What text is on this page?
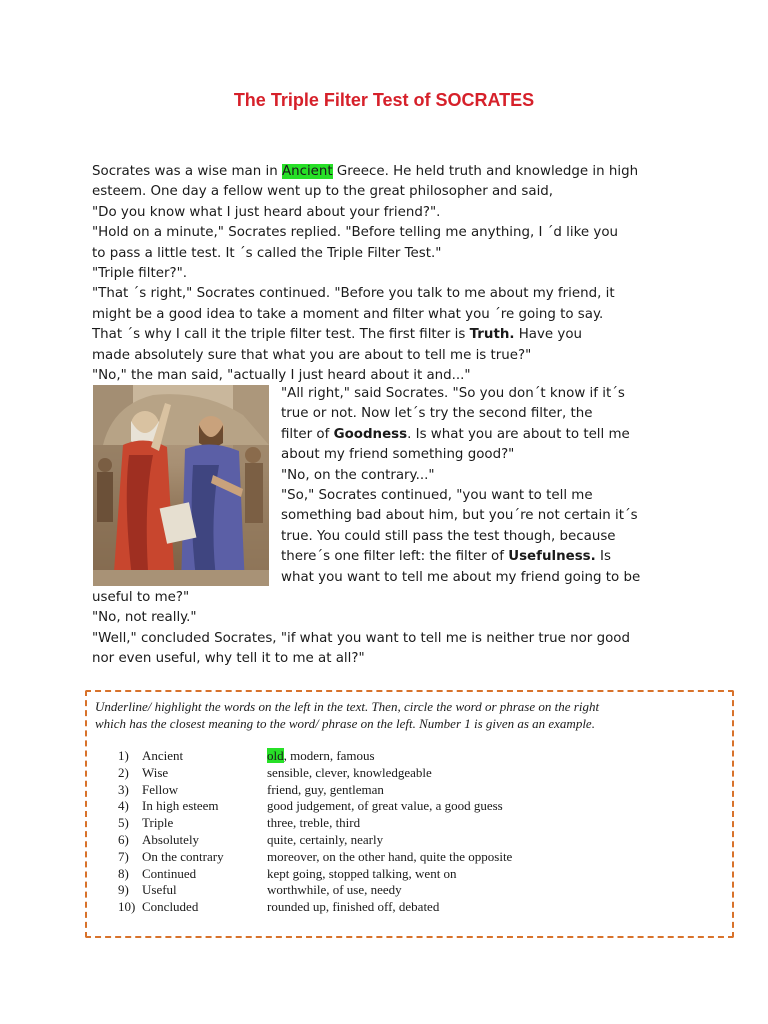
The Triple Filter Test of SOCRATES

Socrates was a wise man in Ancient Greece. He held truth and knowledge in high

esteem. One day a fellow went up to the great philosopher and said,

"Do you know what I just heard about your friend?".

"Hold on a minute," Socrates replied. "Before telling me anything, I ´d like you

to pass a little test. It ´s called the Triple Filter Test."

"Triple filter?".

"That ´s right," Socrates continued. "Before you talk to me about my friend, it

might be a good idea to take a moment and filter what you ´re going to say.

That ´s why I call it the triple filter test. The first filter is Truth. Have you

made absolutely sure that what you are about to tell me is true?"

"No," the man said, "actually I just heard about it and..."

"All right," said Socrates. "So you don´t know if it´s

true or not. Now let´s try the second filter, the

filter of Goodness. Is what you are about to tell me

about my friend something good?"

"No, on the contrary..."

"So," Socrates continued, "you want to tell me

something bad about him, but you´re not certain it´s

true. You could still pass the test though, because

there´s one filter left: the filter of Usefulness. Is

what you want to tell me about my friend going to be

useful to me?"

"No, not really."

"Well," concluded Socrates, "if what you want to tell me is neither true nor good

nor even useful, why tell it to me at all?"

Underline/ highlight the words on the left in the text. Then, circle the word or phrase on the right

which has the closest meaning to the word/ phrase on the left. Number 1 is given as an example.

1) Ancient	old, modern, famous
2) Wise	sensible, clever, knowledgeable
3) Fellow	friend, guy, gentleman
4) In high esteem	good judgement, of great value, a good guess
5) Triple	three, treble, third
6) Absolutely	quite, certainly, nearly
7) On the contrary	moreover, on the other hand, quite the opposite
8) Continued	kept going, stopped talking, went on
9) Useful	worthwhile, of use, needy
10) Concluded	rounded up, finished off, debated
